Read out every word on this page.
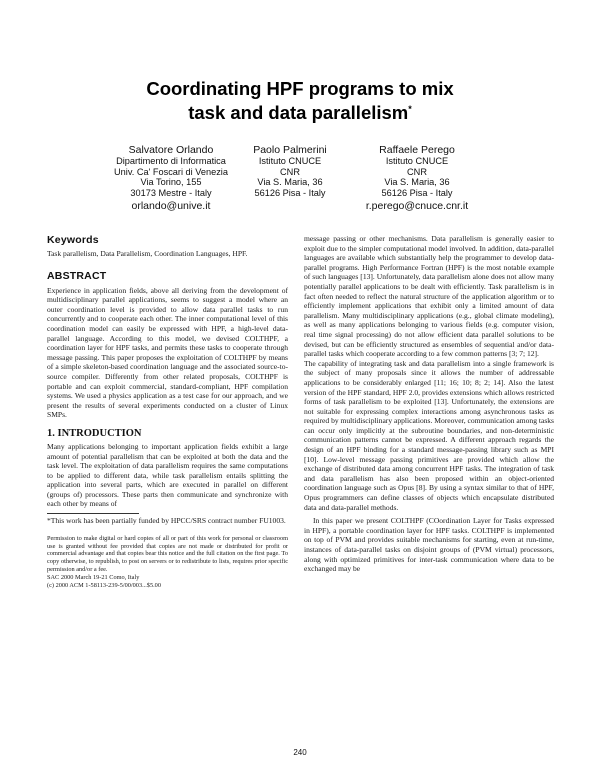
Coordinating HPF programs to mix
task and data parallelism*
Salvatore Orlando
Dipartimento di Informatica
Univ. Ca' Foscari di Venezia
Via Torino, 155
30173 Mestre - Italy
orlando@unive.it
Paolo Palmerini
Istituto CNUCE
CNR
Via S. Maria, 36
56126 Pisa - Italy
Raffaele Perego
Istituto CNUCE
CNR
Via S. Maria, 36
56126 Pisa - Italy
r.perego@cnuce.cnr.it
Keywords
Task parallelism, Data Parallelism, Coordination Languages, HPF.
ABSTRACT
Experience in application fields, above all deriving from the development of multidisciplinary parallel applications, seems to suggest a model where an outer coordination level is provided to allow data parallel tasks to run concurrently and to cooperate each other. The inner computational level of this coordination model can easily be expressed with HPF, a high-level data-parallel language. According to this model, we devised COLTHPF, a coordination layer for HPF tasks, and permits these tasks to cooperate through message passing. This paper proposes the exploitation of COLTHPF by means of a simple skeleton-based coordination language and the associated source-to-source compiler. Differently from other related proposals, COLTHPF is portable and can exploit commercial, standard-compliant, HPF compilation systems. We used a physics application as a test case for our approach, and we present the results of several experiments conducted on a cluster of Linux SMPs.
1. INTRODUCTION
Many applications belonging to important application fields exhibit a large amount of potential parallelism that can be exploited at both the data and the task level. The exploitation of data parallelism requires the same computations to be applied to different data, while task parallelism entails splitting the application into several parts, which are executed in parallel on different (groups of) processors. These parts then communicate and synchronize with each other by means of
*This work has been partially funded by HPCC/SRS contract number FU1003.
Permission to make digital or hard copies of all or part of this work for personal or classroom use is granted without fee provided that copies are not made or distributed for profit or commercial advantage and that copies bear this notice and the full citation on the first page. To copy otherwise, to republish, to post on servers or to redistribute to lists, requires prior specific permission and/or a fee.
SAC 2000 March 19-21 Como, Italy
(c) 2000 ACM 1-58113-239-5/00/003...$5.00
message passing or other mechanisms. Data parallelism is generally easier to exploit due to the simpler computational model involved. In addition, data-parallel languages are available which substantially help the programmer to develop data-parallel programs. High Performance Fortran (HPF) is the most notable example of such languages [13]. Unfortunately, data parallelism alone does not allow many potentially parallel applications to be dealt with efficiently. Task parallelism is in fact often needed to reflect the natural structure of the application algorithm or to efficiently implement applications that exhibit only a limited amount of data parallelism. Many multidisciplinary applications (e.g., global climate modeling), as well as many applications belonging to various fields (e.g. computer vision, real time signal processing) do not allow efficient data parallel solutions to be devised, but can be efficiently structured as ensembles of sequential and/or data-parallel tasks which cooperate according to a few common patterns [3; 7; 12].
The capability of integrating task and data parallelism into a single framework is the subject of many proposals since it allows the number of addressable applications to be considerably enlarged [11; 16; 10; 8; 2; 14]. Also the latest version of the HPF standard, HPF 2.0, provides extensions which allows restricted forms of task parallelism to be exploited [13]. Unfortunately, the extensions are not suitable for expressing complex interactions among asynchronous tasks as required by multidisciplinary applications. Moreover, communication among tasks can occur only implicitly at the subroutine boundaries, and non-deterministic communication patterns cannot be expressed. A different approach regards the design of an HPF binding for a standard message-passing library such as MPI [10]. Low-level message passing primitives are provided which allow the exchange of distributed data among concurrent HPF tasks. The integration of task and data parallelism has also been proposed within an object-oriented coordination language such as Opus [8]. By using a syntax similar to that of HPF, Opus programmers can define classes of objects which encapsulate distributed data and data-parallel methods.
In this paper we present COLTHPF (COordination Layer for Tasks expressed in HPF), a portable coordination layer for HPF tasks. COLTHPF is implemented on top of PVM and provides suitable mechanisms for starting, even at run-time, instances of data-parallel tasks on disjoint groups of (PVM virtual) processors, along with optimized primitives for inter-task communication where data to be exchanged may be
240
